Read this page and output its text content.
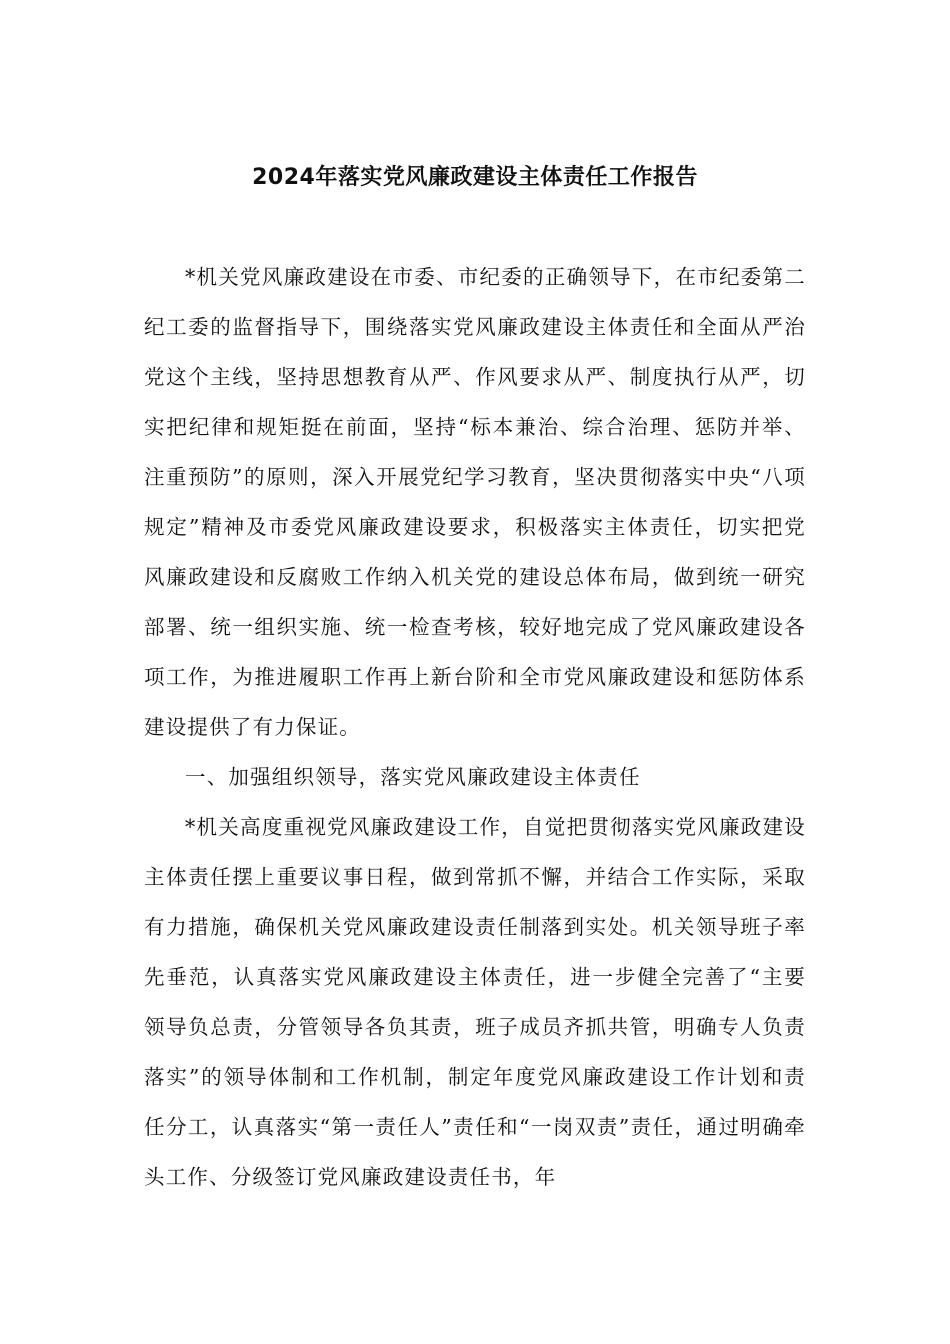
2024年落实党风廉政建设主体责任工作报告

*机关党风廉政建设在市委、市纪委的正确领导下，在市纪委第二纪工委的监督指导下，围绕落实党风廉政建设主体责任和全面从严治党这个主线，坚持思想教育从严、作风要求从严、制度执行从严，切实把纪律和规矩挺在前面，坚持“标本兼治、综合治理、惩防并举、注重预防”的原则，深入开展党纪学习教育，坚决贯彻落实中央“八项规定”精神及市委党风廉政建设要求，积极落实主体责任，切实把党风廉政建设和反腐败工作纳入机关党的建设总体布局，做到统一研究部署、统一组织实施、统一检查考核，较好地完成了党风廉政建设各项工作，为推进履职工作再上新台阶和全市党风廉政建设和惩防体系建设提供了有力保证。

一、加强组织领导，落实党风廉政建设主体责任

*机关高度重视党风廉政建设工作，自觉把贯彻落实党风廉政建设主体责任摆上重要议事日程，做到常抓不懈，并结合工作实际，采取有力措施，确保机关党风廉政建设责任制落到实处。机关领导班子率先垂范，认真落实党风廉政建设主体责任，进一步健全完善了“主要领导负总责，分管领导各负其责，班子成员齐抓共管，明确专人负责落实”的领导体制和工作机制，制定年度党风廉政建设工作计划和责任分工，认真落实“第一责任人”责任和“一岗双责”责任，通过明确牵头工作、分级签订党风廉政建设责任书，年
